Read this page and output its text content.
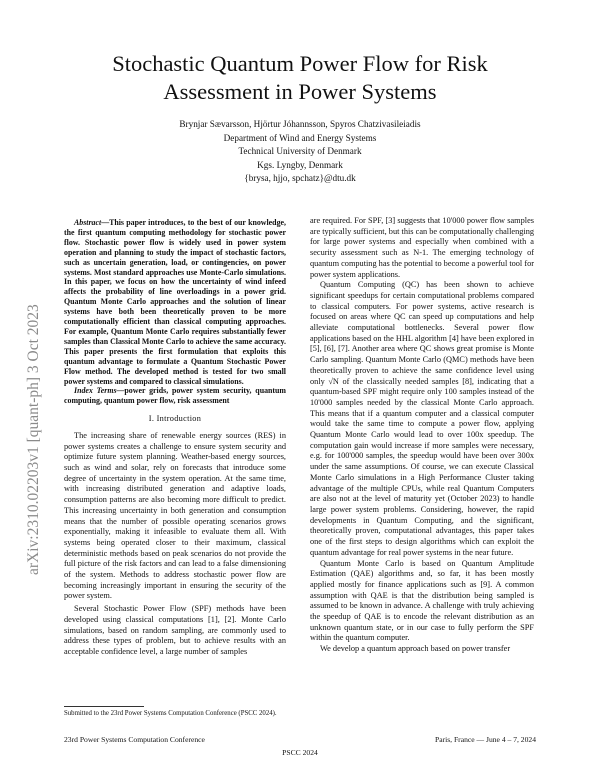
Stochastic Quantum Power Flow for Risk
Assessment in Power Systems
Brynjar Sævarsson, Hjörtur Jóhannsson, Spyros Chatzivasileiadis
Department of Wind and Energy Systems
Technical University of Denmark
Kgs. Lyngby, Denmark
{brysa, hjjo, spchatz}@dtu.dk
arXiv:2310.02203v1 [quant-ph] 3 Oct 2023

Abstract—This paper introduces, to the best of our knowledge, the first quantum computing methodology for stochastic power flow. Stochastic power flow is widely used in power system operation and planning to study the impact of stochastic factors, such as uncertain generation, load, or contingencies, on power systems. Most standard approaches use Monte-Carlo simulations. In this paper, we focus on how the uncertainty of wind infeed affects the probability of line overloadings in a power grid. Quantum Monte Carlo approaches and the solution of linear systems have both been theoretically proven to be more computationally efficient than classical computing approaches. For example, Quantum Monte Carlo requires substantially fewer samples than Classical Monte Carlo to achieve the same accuracy. This paper presents the first formulation that exploits this quantum advantage to formulate a Quantum Stochastic Power Flow method. The developed method is tested for two small power systems and compared to classical simulations.

Index Terms—power grids, power system security, quantum computing, quantum power flow, risk assessment

I. Introduction

The increasing share of renewable energy sources (RES) in power systems creates a challenge to ensure system security and optimize future system planning. Weather-based energy sources, such as wind and solar, rely on forecasts that introduce some degree of uncertainty in the system operation. At the same time, with increasing distributed generation and adaptive loads, consumption patterns are also becoming more difficult to predict. This increasing uncertainty in both generation and consumption means that the number of possible operating scenarios grows exponentially, making it infeasible to evaluate them all. With systems being operated closer to their maximum, classical deterministic methods based on peak scenarios do not provide the full picture of the risk factors and can lead to a false dimensioning of the system. Methods to address stochastic power flow are becoming increasingly important in ensuring the security of the power system.

Several Stochastic Power Flow (SPF) methods have been developed using classical computations [1], [2]. Monte Carlo simulations, based on random sampling, are commonly used to address these types of problem, but to achieve results with an acceptable confidence level, a large number of samples

are required. For SPF, [3] suggests that 10'000 power flow samples are typically sufficient, but this can be computationally challenging for large power systems and especially when combined with a security assessment such as N-1. The emerging technology of quantum computing has the potential to become a powerful tool for power system applications.

Quantum Computing (QC) has been shown to achieve significant speedups for certain computational problems compared to classical computers. For power systems, active research is focused on areas where QC can speed up computations and help alleviate computational bottlenecks. Several power flow applications based on the HHL algorithm [4] have been explored in [5], [6], [7]. Another area where QC shows great promise is Monte Carlo sampling. Quantum Monte Carlo (QMC) methods have been theoretically proven to achieve the same confidence level using only √N of the classically needed samples [8], indicating that a quantum-based SPF might require only 100 samples instead of the 10'000 samples needed by the classical Monte Carlo approach. This means that if a quantum computer and a classical computer would take the same time to compute a power flow, applying Quantum Monte Carlo would lead to over 100x speedup. The computation gain would increase if more samples were necessary, e.g. for 100'000 samples, the speedup would have been over 300x under the same assumptions. Of course, we can execute Classical Monte Carlo simulations in a High Performance Cluster taking advantage of the multiple CPUs, while real Quantum Computers are also not at the level of maturity yet (October 2023) to handle large power system problems. Considering, however, the rapid developments in Quantum Computing, and the significant, theoretically proven, computational advantages, this paper takes one of the first steps to design algorithms which can exploit the quantum advantage for real power systems in the near future.

Quantum Monte Carlo is based on Quantum Amplitude Estimation (QAE) algorithms and, so far, it has been mostly applied mostly for finance applications such as [9]. A common assumption with QAE is that the distribution being sampled is assumed to be known in advance. A challenge with truly achieving the speedup of QAE is to encode the relevant distribution as an unknown quantum state, or in our case to fully perform the SPF within the quantum computer.

We develop a quantum approach based on power transfer

Submitted to the 23rd Power Systems Computation Conference (PSCC 2024).
23rd Power Systems Computation Conference	Paris, France — June 4 – 7, 2024
PSCC 2024
